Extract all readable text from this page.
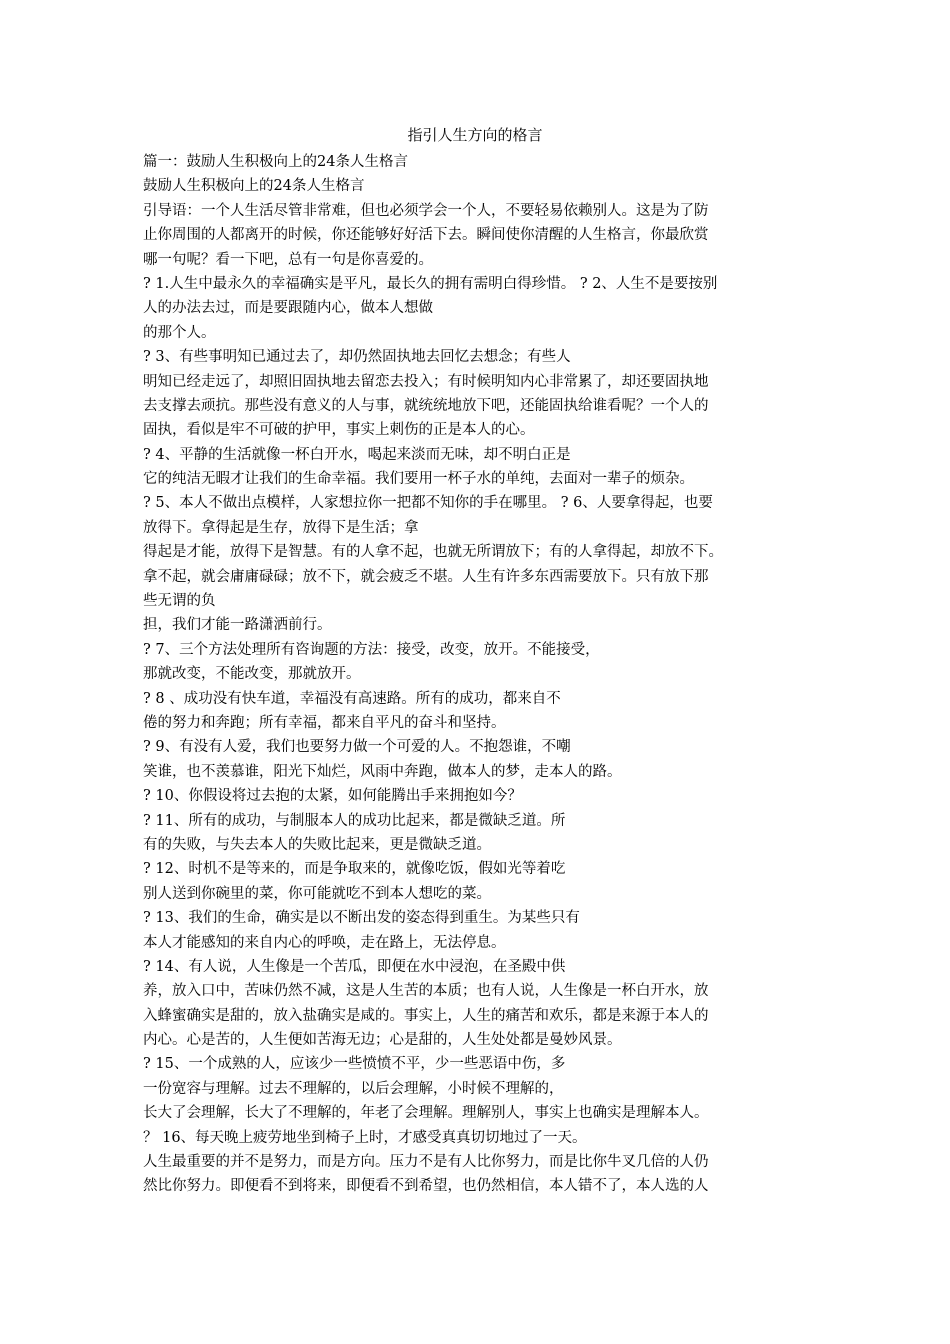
指引人生方向的格言
篇一：鼓励人生积极向上的24条人生格言
鼓励人生积极向上的24条人生格言
引导语：一个人生活尽管非常难，但也必须学会一个人，不要轻易依赖别人。这是为了防
止你周围的人都离开的时候，你还能够好好活下去。瞬间使你清醒的人生格言，你最欣赏
哪一句呢？看一下吧，总有一句是你喜爱的。
? 1.人生中最永久的幸福确实是平凡，最长久的拥有需明白得珍惜。 ? 2、人生不是要按别
人的办法去过，而是要跟随内心，做本人想做
的那个人。
? 3、有些事明知已通过去了，却仍然固执地去回忆去想念；有些人
明知已经走远了，却照旧固执地去留恋去投入；有时候明知内心非常累了，却还要固执地
去支撑去顽抗。那些没有意义的人与事，就统统地放下吧，还能固执给谁看呢？一个人的
固执，看似是牢不可破的护甲，事实上刺伤的正是本人的心。
? 4、平静的生活就像一杯白开水，喝起来淡而无味，却不明白正是
它的纯洁无暇才让我们的生命幸福。我们要用一杯子水的单纯，去面对一辈子的烦杂。
? 5、本人不做出点模样，人家想拉你一把都不知你的手在哪里。 ? 6、人要拿得起，也要
放得下。拿得起是生存，放得下是生活；拿
得起是才能，放得下是智慧。有的人拿不起，也就无所谓放下；有的人拿得起，却放不下。
拿不起，就会庸庸碌碌；放不下，就会疲乏不堪。人生有许多东西需要放下。只有放下那
些无谓的负
担，我们才能一路潇洒前行。
? 7、三个方法处理所有咨询题的方法：接受，改变，放开。不能接受，
那就改变，不能改变，那就放开。
? 8 、成功没有快车道，幸福没有高速路。所有的成功，都来自不
倦的努力和奔跑；所有幸福，都来自平凡的奋斗和坚持。
? 9、有没有人爱，我们也要努力做一个可爱的人。不抱怨谁，不嘲
笑谁，也不羡慕谁，阳光下灿烂，风雨中奔跑，做本人的梦，走本人的路。
? 10、你假设将过去抱的太紧，如何能腾出手来拥抱如今？
? 11、所有的成功，与制服本人的成功比起来，都是微缺乏道。所
有的失败，与失去本人的失败比起来，更是微缺乏道。
? 12、时机不是等来的，而是争取来的，就像吃饭，假如光等着吃
别人送到你碗里的菜，你可能就吃不到本人想吃的菜。
? 13、我们的生命，确实是以不断出发的姿态得到重生。为某些只有
本人才能感知的来自内心的呼唤，走在路上，无法停息。
? 14、有人说，人生像是一个苦瓜，即便在水中浸泡，在圣殿中供
养，放入口中，苦味仍然不减，这是人生苦的本质；也有人说，人生像是一杯白开水，放
入蜂蜜确实是甜的，放入盐确实是咸的。事实上，人生的痛苦和欢乐，都是来源于本人的
内心。心是苦的，人生便如苦海无边；心是甜的，人生处处都是曼妙风景。
? 15、一个成熟的人，应该少一些愤愤不平，少一些恶语中伤，多
一份宽容与理解。过去不理解的，以后会理解，小时候不理解的，
长大了会理解，长大了不理解的，年老了会理解。理解别人，事实上也确实是理解本人。
？ 16、每天晚上疲劳地坐到椅子上时，才感受真真切切地过了一天。
人生最重要的并不是努力，而是方向。压力不是有人比你努力，而是比你牛叉几倍的人仍
然比你努力。即便看不到将来，即便看不到希望，也仍然相信，本人错不了，本人选的人
